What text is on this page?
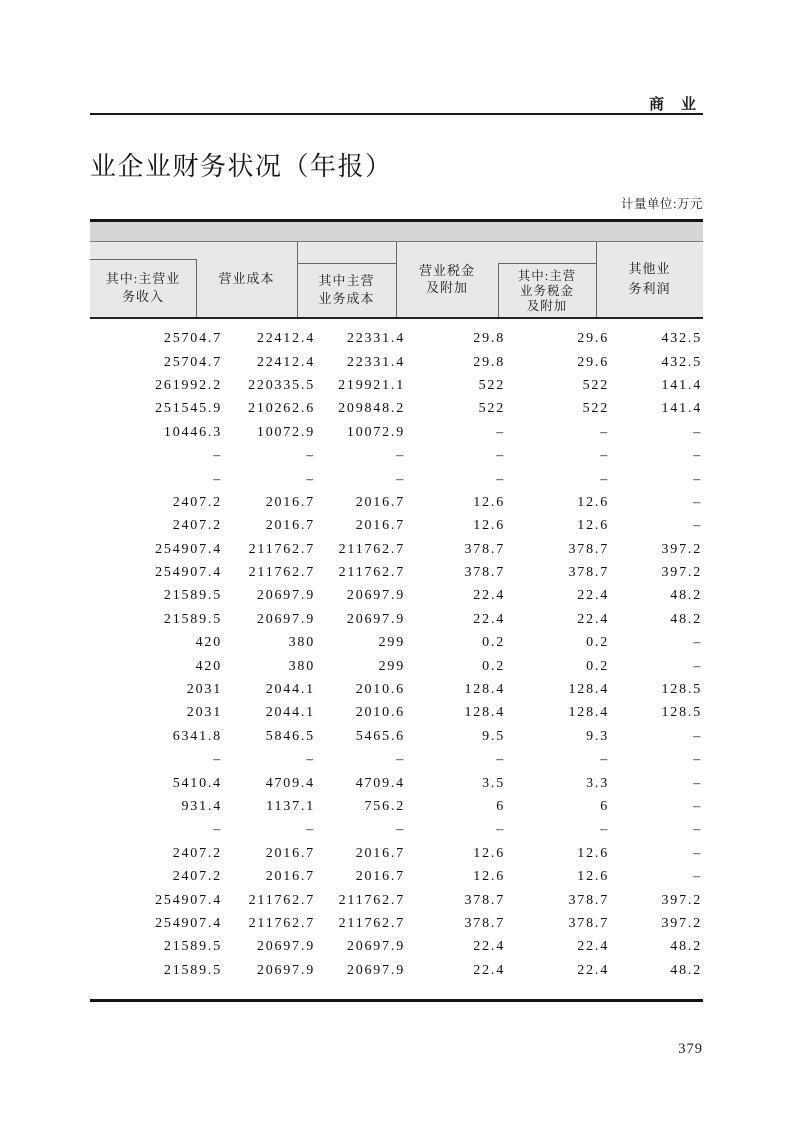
商　业
业企业财务状况（年报）
计量单位:万元
其中:主营业
务收入
营业成本	其中主营
业务成本
营业税金
及附加
其中:主营
业务税金
及附加
其他业
务利润
25704.7	22412.4	22331.4	29.8	29.6	432.5
25704.7	22412.4	22331.4	29.8	29.6	432.5
261992.2	220335.5	219921.1	522	522	141.4
251545.9	210262.6	209848.2	522	522	141.4
10446.3	10072.9	10072.9	–	–	–
–	–	–	–	–	–
–	–	–	–	–	–
2407.2	2016.7	2016.7	12.6	12.6	–
2407.2	2016.7	2016.7	12.6	12.6	–
254907.4	211762.7	211762.7	378.7	378.7	397.2
254907.4	211762.7	211762.7	378.7	378.7	397.2
21589.5	20697.9	20697.9	22.4	22.4	48.2
21589.5	20697.9	20697.9	22.4	22.4	48.2
420	380	299	0.2	0.2	–
420	380	299	0.2	0.2	–
2031	2044.1	2010.6	128.4	128.4	128.5
2031	2044.1	2010.6	128.4	128.4	128.5
6341.8	5846.5	5465.6	9.5	9.3	–
–	–	–	–	–	–
5410.4	4709.4	4709.4	3.5	3.3	–
931.4	1137.1	756.2	6	6	–
–	–	–	–	–	–
2407.2	2016.7	2016.7	12.6	12.6	–
2407.2	2016.7	2016.7	12.6	12.6	–
254907.4	211762.7	211762.7	378.7	378.7	397.2
254907.4	211762.7	211762.7	378.7	378.7	397.2
21589.5	20697.9	20697.9	22.4	22.4	48.2
21589.5	20697.9	20697.9	22.4	22.4	48.2
379
